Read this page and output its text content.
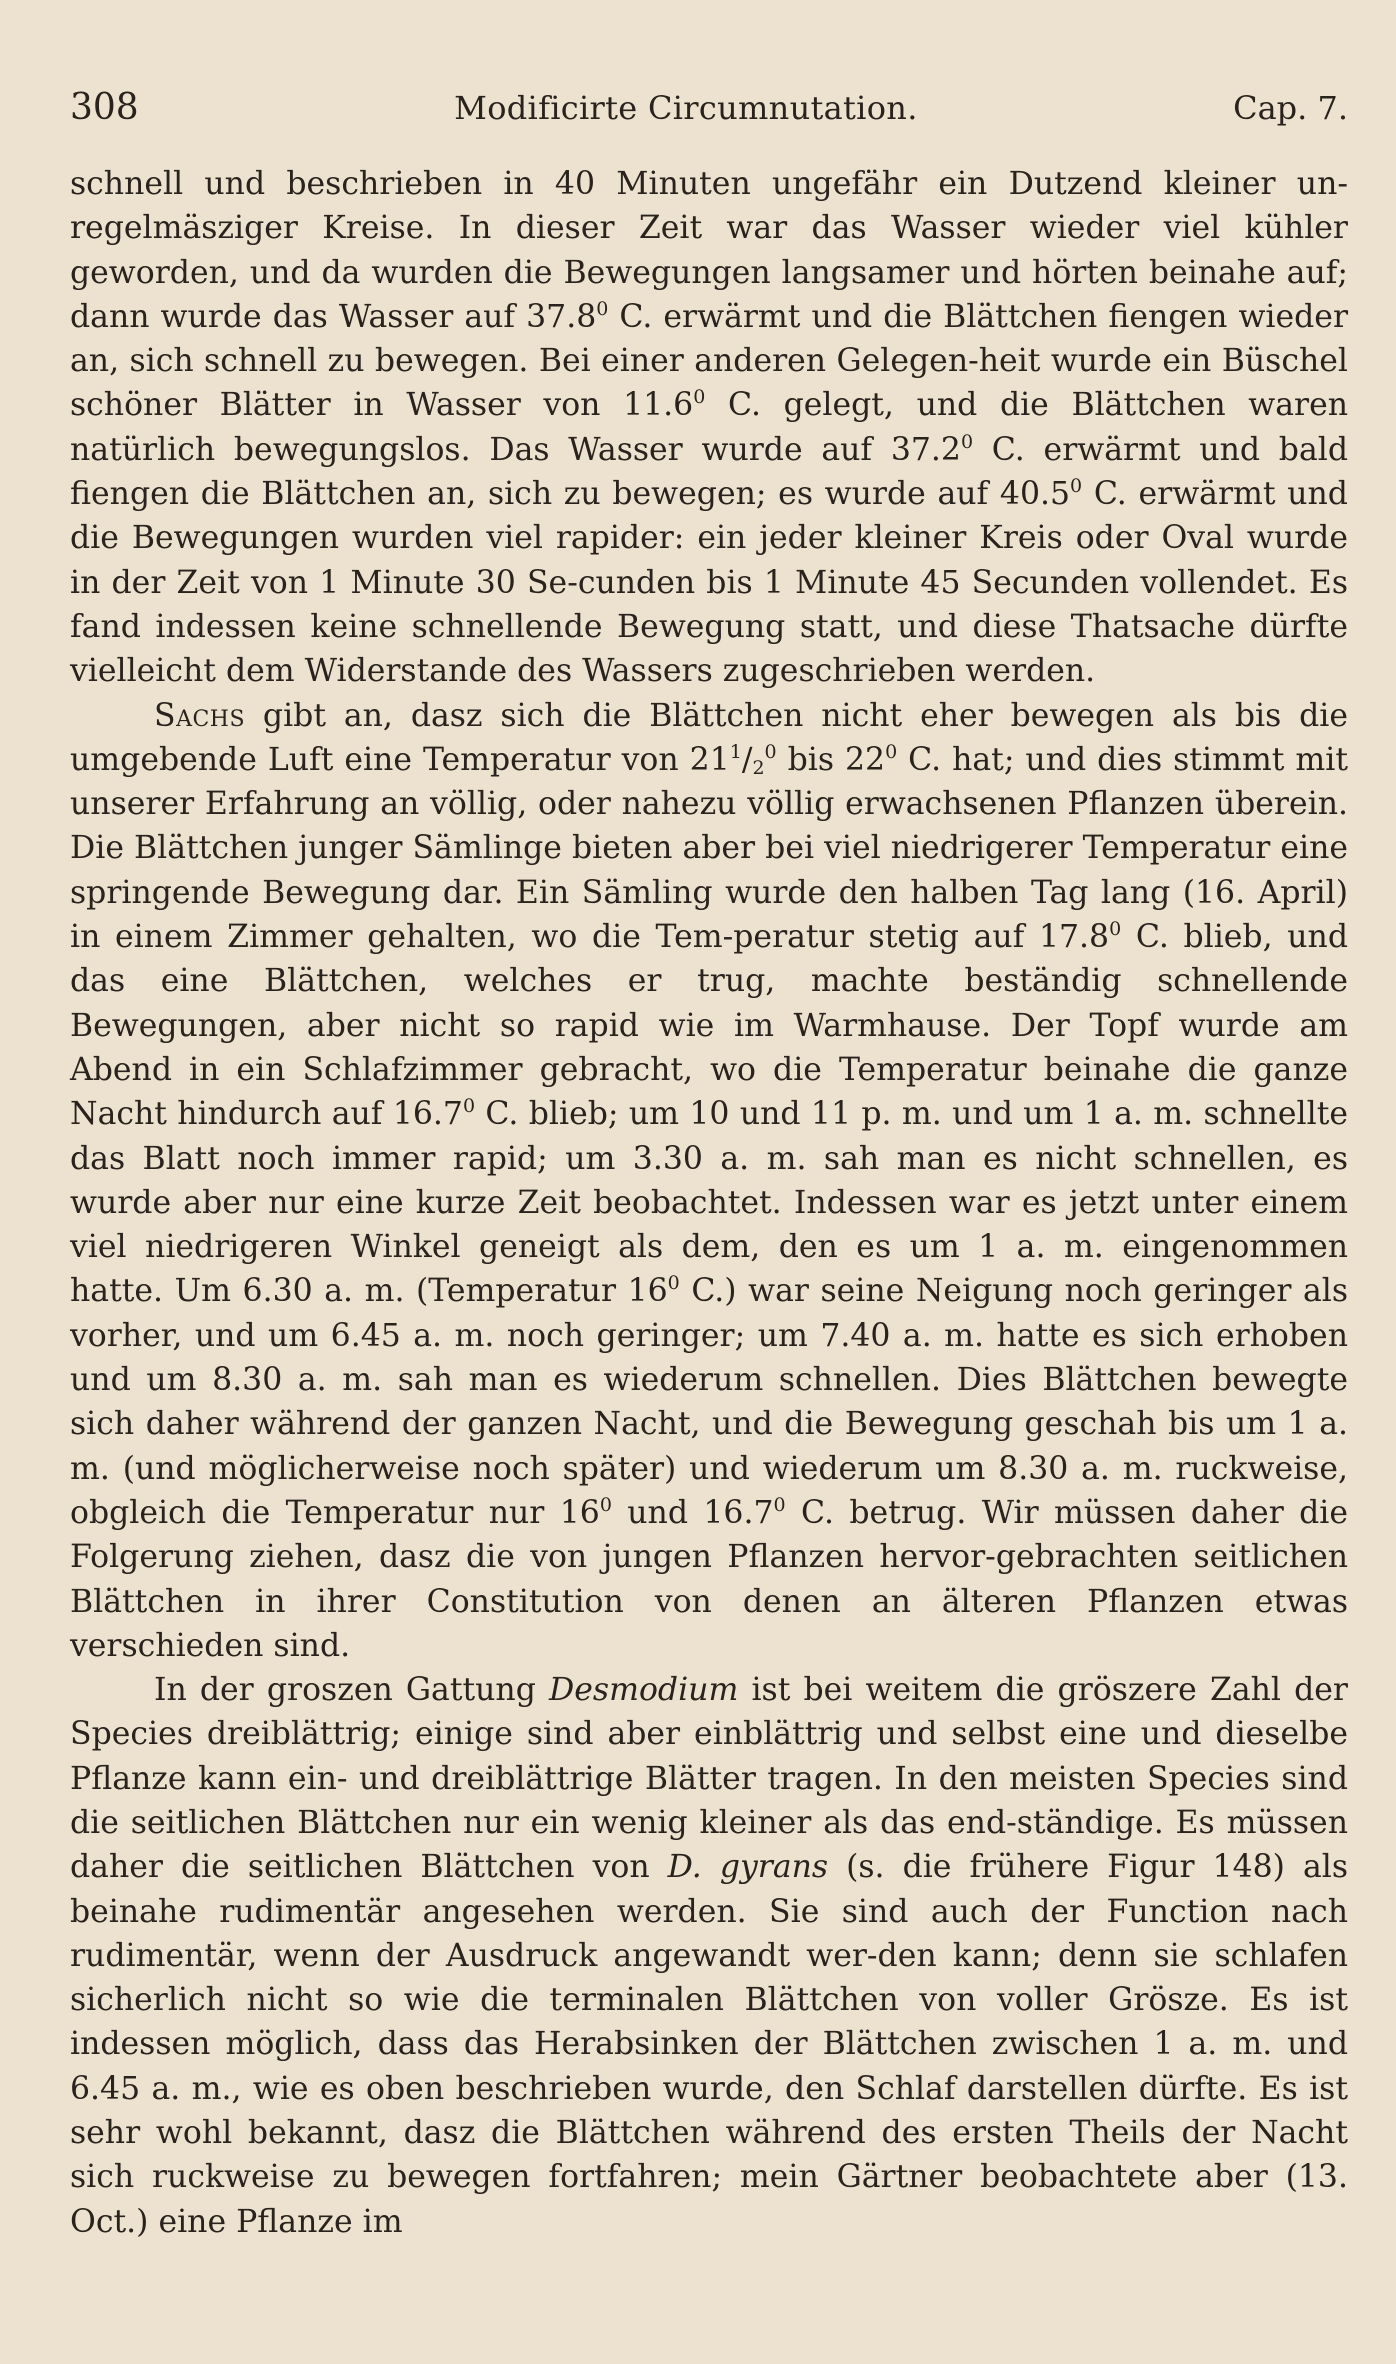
308	Modificirte Circumnutation.	Cap. 7.

schnell und beschrieben in 40 Minuten ungefähr ein Dutzend kleiner un-regelmäsziger Kreise. In dieser Zeit war das Wasser wieder viel kühler geworden, und da wurden die Bewegungen langsamer und hörten beinahe auf; dann wurde das Wasser auf 37.8$^0$ C. erwärmt und die Blättchen fiengen wieder an, sich schnell zu bewegen. Bei einer anderen Gelegen-heit wurde ein Büschel schöner Blätter in Wasser von 11.6$^0$ C. gelegt, und die Blättchen waren natürlich bewegungslos. Das Wasser wurde auf 37.2$^0$ C. erwärmt und bald fiengen die Blättchen an, sich zu bewegen; es wurde auf 40.5$^0$ C. erwärmt und die Bewegungen wurden viel rapider: ein jeder kleiner Kreis oder Oval wurde in der Zeit von 1 Minute 30 Se-cunden bis 1 Minute 45 Secunden vollendet. Es fand indessen keine schnellende Bewegung statt, und diese Thatsache dürfte vielleicht dem Widerstande des Wassers zugeschrieben werden.

Sachs gibt an, dasz sich die Blättchen nicht eher bewegen als bis die umgebende Luft eine Temperatur von $21^1/_2^0$ bis $22^0$ C. hat; und dies stimmt mit unserer Erfahrung an völlig, oder nahezu völlig erwachsenen Pflanzen überein. Die Blättchen junger Sämlinge bieten aber bei viel niedrigerer Temperatur eine springende Bewegung dar. Ein Sämling wurde den halben Tag lang (16. April) in einem Zimmer gehalten, wo die Tem-peratur stetig auf 17.8$^0$ C. blieb, und das eine Blättchen, welches er trug, machte beständig schnellende Bewegungen, aber nicht so rapid wie im Warmhause. Der Topf wurde am Abend in ein Schlafzimmer gebracht, wo die Temperatur beinahe die ganze Nacht hindurch auf 16.7$^0$ C. blieb; um 10 und 11 p. m. und um 1 a. m. schnellte das Blatt noch immer rapid; um 3.30 a. m. sah man es nicht schnellen, es wurde aber nur eine kurze Zeit beobachtet. Indessen war es jetzt unter einem viel niedrigeren Winkel geneigt als dem, den es um 1 a. m. eingenommen hatte. Um 6.30 a. m. (Temperatur $16^0$ C.) war seine Neigung noch geringer als vorher, und um 6.45 a. m. noch geringer; um 7.40 a. m. hatte es sich erhoben und um 8.30 a. m. sah man es wiederum schnellen. Dies Blättchen bewegte sich daher während der ganzen Nacht, und die Bewegung geschah bis um 1 a. m. (und möglicherweise noch später) und wiederum um 8.30 a. m. ruckweise, obgleich die Temperatur nur $16^0$ und 16.7$^0$ C. betrug. Wir müssen daher die Folgerung ziehen, dasz die von jungen Pflanzen hervor-gebrachten seitlichen Blättchen in ihrer Constitution von denen an älteren Pflanzen etwas verschieden sind.

In der groszen Gattung Desmodium ist bei weitem die gröszere Zahl der Species dreiblättrig; einige sind aber einblättrig und selbst eine und dieselbe Pflanze kann ein- und dreiblättrige Blätter tragen. In den meisten Species sind die seitlichen Blättchen nur ein wenig kleiner als das end-ständige. Es müssen daher die seitlichen Blättchen von D. gyrans (s. die frühere Figur 148) als beinahe rudimentär angesehen werden. Sie sind auch der Function nach rudimentär, wenn der Ausdruck angewandt wer-den kann; denn sie schlafen sicherlich nicht so wie die terminalen Blättchen von voller Grösze. Es ist indessen möglich, dass das Herabsinken der Blättchen zwischen 1 a. m. und 6.45 a. m., wie es oben beschrieben wurde, den Schlaf darstellen dürfte. Es ist sehr wohl bekannt, dasz die Blättchen während des ersten Theils der Nacht sich ruckweise zu bewegen fortfahren; mein Gärtner beobachtete aber (13. Oct.) eine Pflanze im
